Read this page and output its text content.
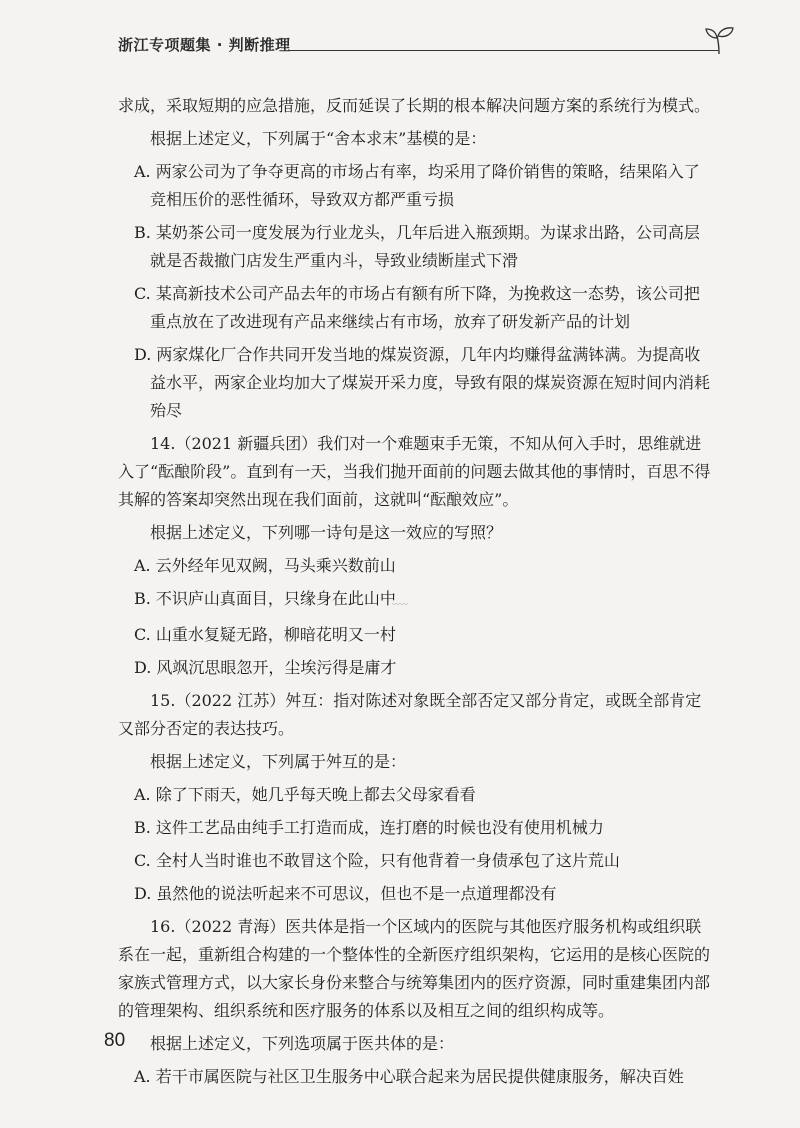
浙江专项题集 · 判断推理

求成，采取短期的应急措施，反而延误了长期的根本解决问题方案的系统行为模式。

根据上述定义，下列属于“舍本求末”基模的是：

A. 两家公司为了争夺更高的市场占有率，均采用了降价销售的策略，结果陷入了竞相压价的恶性循环，导致双方都严重亏损

B. 某奶茶公司一度发展为行业龙头，几年后进入瓶颈期。为谋求出路，公司高层就是否裁撤门店发生严重内斗，导致业绩断崖式下滑

C. 某高新技术公司产品去年的市场占有额有所下降，为挽救这一态势，该公司把重点放在了改进现有产品来继续占有市场，放弃了研发新产品的计划

D. 两家煤化厂合作共同开发当地的煤炭资源，几年内均赚得盆满钵满。为提高收益水平，两家企业均加大了煤炭开采力度，导致有限的煤炭资源在短时间内消耗殆尽

14.（2021 新疆兵团）我们对一个难题束手无策，不知从何入手时，思维就进入了“酝酿阶段”。直到有一天，当我们抛开面前的问题去做其他的事情时，百思不得其解的答案却突然出现在我们面前，这就叫“酝酿效应”。

根据上述定义，下列哪一诗句是这一效应的写照？

A. 云外经年见双阙，马头乘兴数前山

B. 不识庐山真面目，只缘身在此山中〰〰

C. 山重水复疑无路，柳暗花明又一村

D. 风飒沉思眼忽开，尘埃污得是庸才

15.（2022 江苏）舛互：指对陈述对象既全部否定又部分肯定，或既全部肯定又部分否定的表达技巧。

根据上述定义，下列属于舛互的是：

A. 除了下雨天，她几乎每天晚上都去父母家看看

B. 这件工艺品由纯手工打造而成，连打磨的时候也没有使用机械力

C. 全村人当时谁也不敢冒这个险，只有他背着一身债承包了这片荒山

D. 虽然他的说法听起来不可思议，但也不是一点道理都没有

16.（2022 青海）医共体是指一个区域内的医院与其他医疗服务机构或组织联系在一起，重新组合构建的一个整体性的全新医疗组织架构，它运用的是核心医院的家族式管理方式，以大家长身份来整合与统筹集团内的医疗资源，同时重建集团内部的管理架构、组织系统和医疗服务的体系以及相互之间的组织构成等。

根据上述定义，下列选项属于医共体的是：

A. 若干市属医院与社区卫生服务中心联合起来为居民提供健康服务，解决百姓

80
